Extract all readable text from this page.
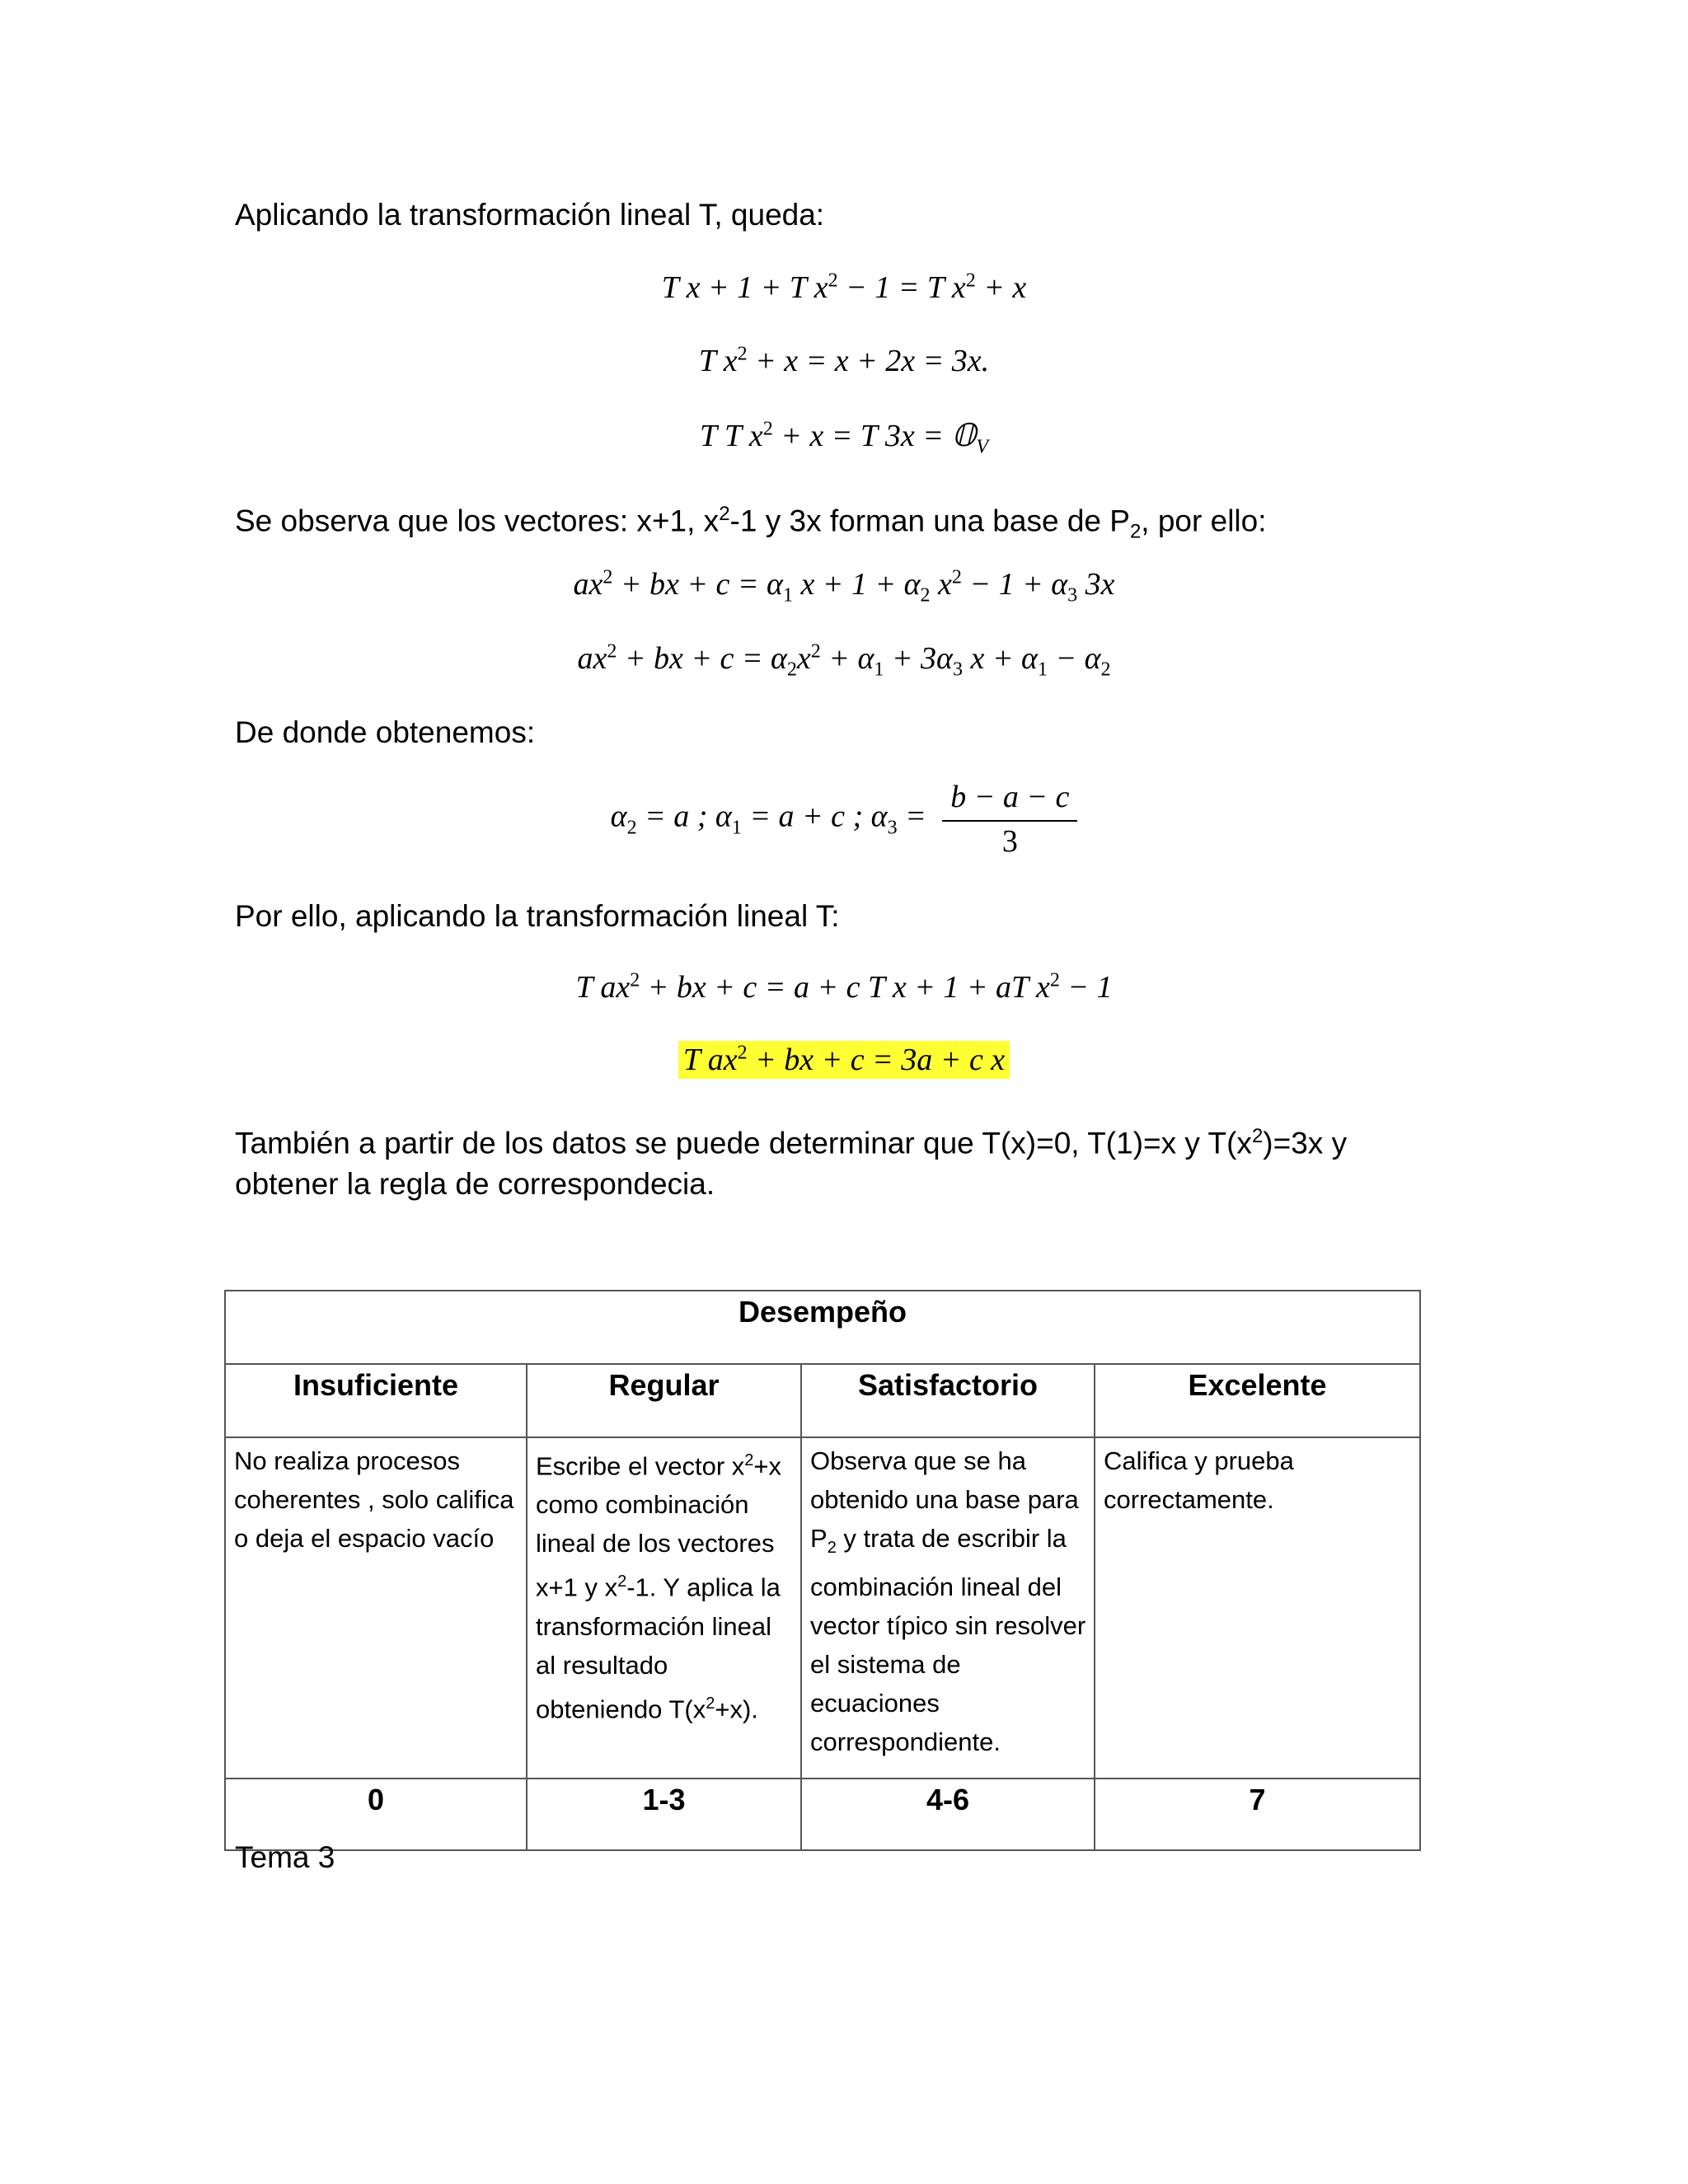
Aplicando la transformación lineal T, queda:
T x + 1 + T $x^2 - 1 = T$ $x^2 + x$
T $x^2 + x = x + 2x = 3x$.
T T $x^2 + x = T$ 3x = 𝕆$_V$
Se observa que los vectores: x+1, $x^2-1$ y 3x forman una base de $P_2$, por ello:
$ax^2$ + bx + $c = \alpha_1$ $x + 1 + \alpha_2$ $x^2 - 1 + \alpha_3$ 3x
$ax^2$ + bx + $c = \alpha_2x^2 + \alpha_1 + 3\alpha_3$ $x + \alpha_1 - \alpha_2$
De donde obtenemos:
$\alpha_2 = a$ ; $\alpha_1 = a + c$ ; $\alpha_3 = \frac{b - a - c}{3}$
Por ello, aplicando la transformación lineal T:
T $ax^2$ + bx + c = a + c T x + 1 + aT $x^2 - 1$
T $ax^2$ + bx + c = 3a + c x
También a partir de los datos se puede determinar que T(x)=0, T(1)=x y $T(x^2)=3x$ y
obtener la regla de correspondecia.
Desempeño			
Insuficiente	Regular	Satisfactorio	Excelente
No realiza procesos coherentes , solo califica o deja el espacio vacío	Escribe el vector $x^2+x$ como combinación lineal de los vectores x+1 y $x^2-1$. Y aplica la transformación lineal al resultado obteniendo $T(x^2+x)$.	Observa que se ha obtenido una base para $P_2$ y trata de escribir la combinación lineal del vector típico sin resolver el sistema de ecuaciones correspondiente.	Califica y prueba correctamente.
0	1-3	4-6	7
Tema 3
